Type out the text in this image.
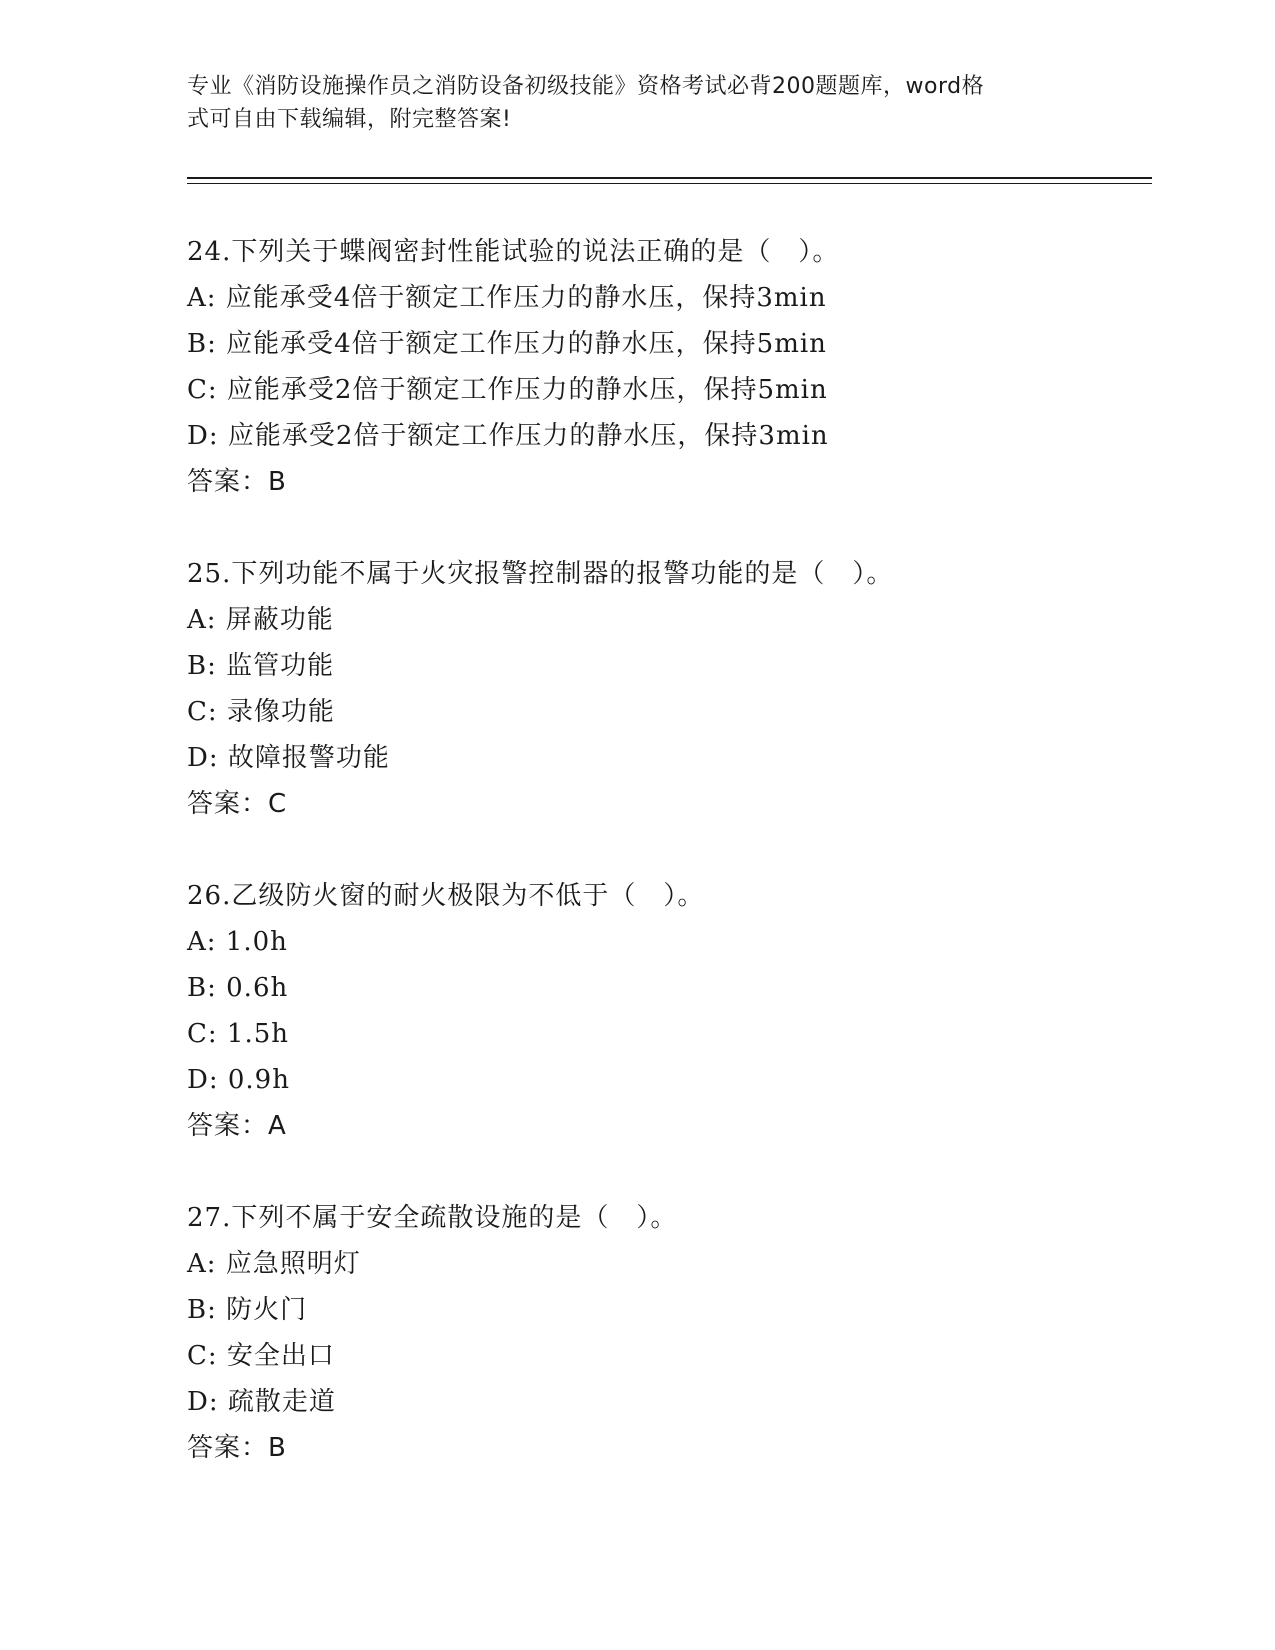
专业《消防设施操作员之消防设备初级技能》资格考试必背200题题库，word格
式可自由下载编辑，附完整答案!
24.下列关于蝶阀密封性能试验的说法正确的是（　）。
A: 应能承受4倍于额定工作压力的静水压，保持3min
B: 应能承受4倍于额定工作压力的静水压，保持5min
C: 应能承受2倍于额定工作压力的静水压，保持5min
D: 应能承受2倍于额定工作压力的静水压，保持3min
答案：B
25.下列功能不属于火灾报警控制器的报警功能的是（　）。
A: 屏蔽功能
B: 监管功能
C: 录像功能
D: 故障报警功能
答案：C
26.乙级防火窗的耐火极限为不低于（　）。
A: 1.0h
B: 0.6h
C: 1.5h
D: 0.9h
答案：A
27.下列不属于安全疏散设施的是（　）。
A: 应急照明灯
B: 防火门
C: 安全出口
D: 疏散走道
答案：B
